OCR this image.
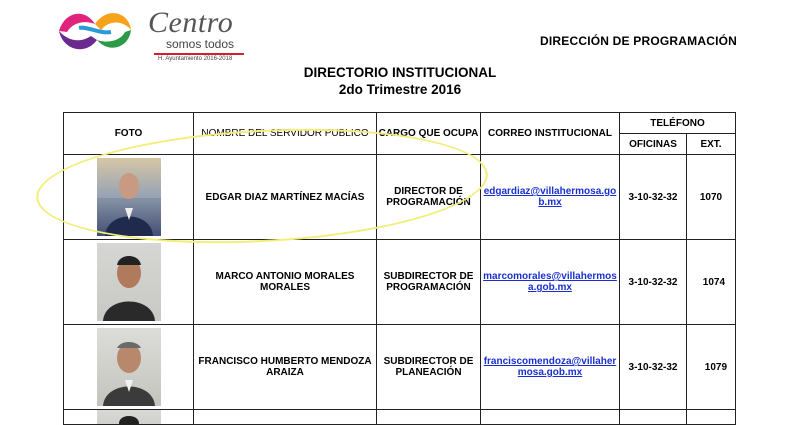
Centro
somos todos
H. Ayuntamiento 2016-2018
DIRECCIÓN DE PROGRAMACIÓN
DIRECTORIO INSTITUCIONAL
2do Trimestre 2016
FOTO	NOMBRE DEL SERVIDOR PUBLICO	CARGO QUE OCUPA	CORREO INSTITUCIONAL	TELÉFONO	
				OFICINAS	EXT.

	EDGAR DIAZ MARTÍNEZ MACÍAS	DIRECTOR DE PROGRAMACIÓN	edgardiaz@villahermosa.gob.mx	3-10-32-32	1070

	MARCO ANTONIO MORALES MORALES	SUBDIRECTOR DE PROGRAMACIÓN	marcomorales@villahermosa.gob.mx	3-10-32-32	1074

	FRANCISCO HUMBERTO MENDOZA ARAIZA	SUBDIRECTOR DE PLANEACIÓN	franciscomendoza@villahermosa.gob.mx	3-10-32-32	1079
